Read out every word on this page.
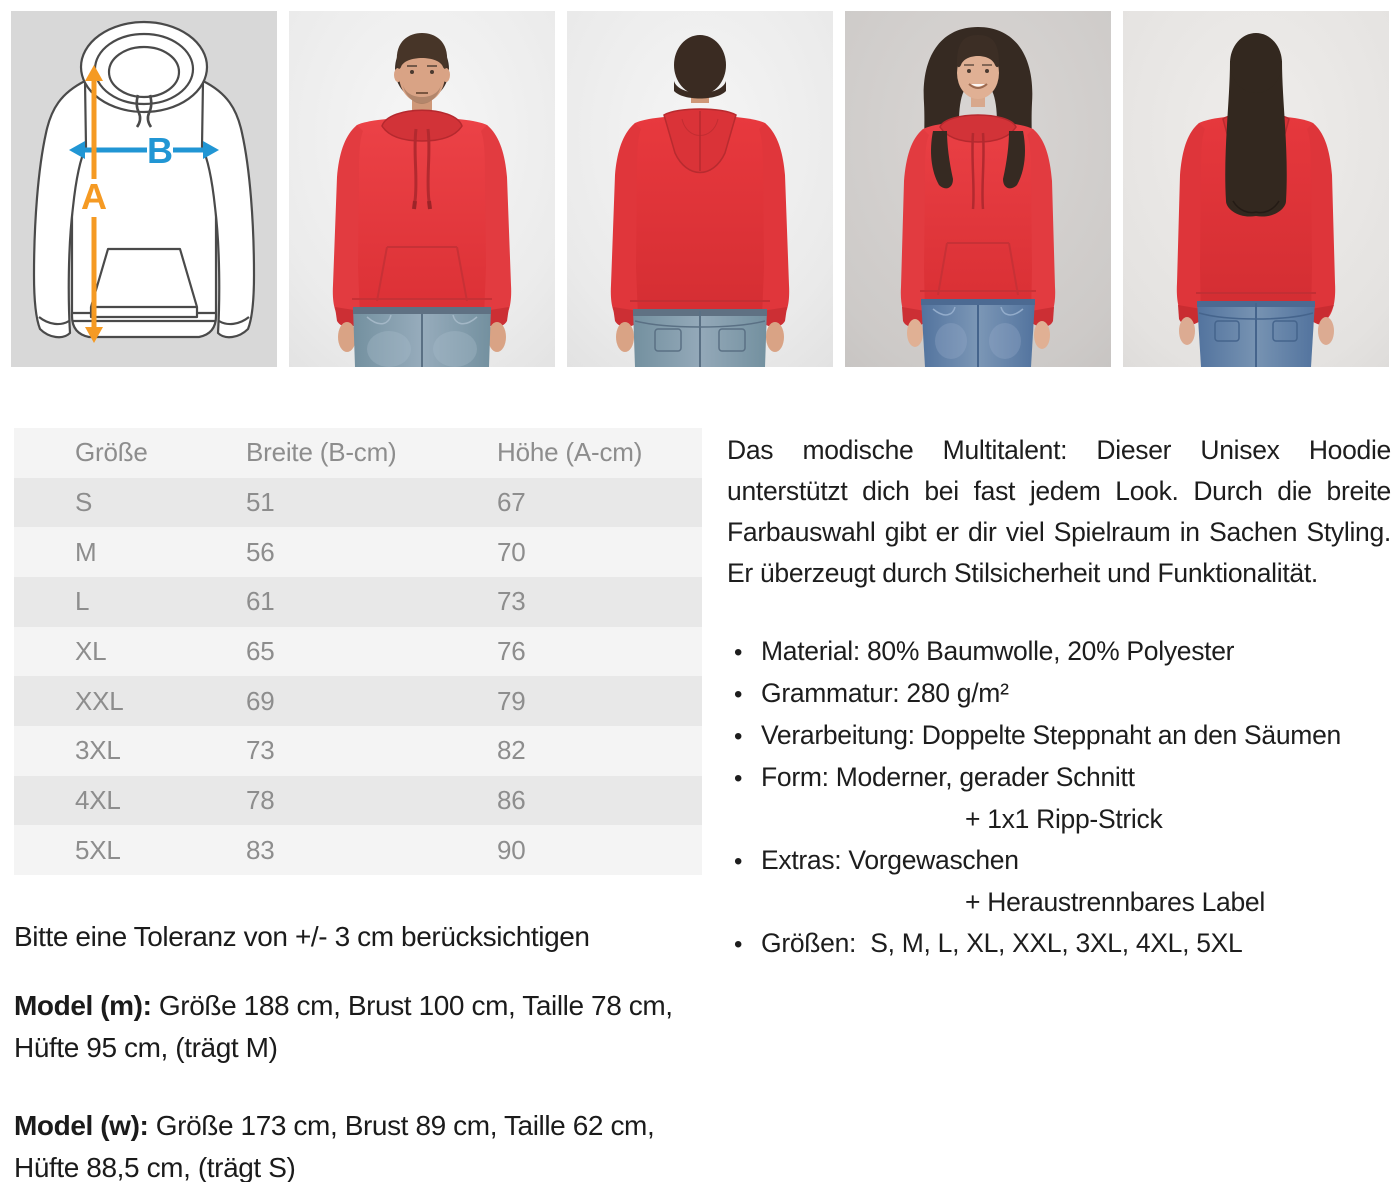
B
A
Größe	Breite (B-cm)	Höhe (A-cm)
S	51	67
M	56	70
L	61	73
XL	65	76
XXL	69	79
3XL	73	82
4XL	78	86
5XL	83	90

Das modische Multitalent: Dieser Unisex Hoodie unterstützt dich bei fast jedem Look. Durch die breite Farbauswahl gibt er dir viel Spielraum in Sachen Styling. Er überzeugt durch Stilsicherheit und Funktionalität.

•
Material: 80% Baumwolle, 20% Polyester
•
Grammatur: 280 g/m²
•
Verarbeitung: Doppelte Steppnaht an den Säumen
•
Form: Moderner, gerader Schnitt
+ 1x1 Ripp-Strick
•
Extras: Vorgewaschen
+ Heraustrennbares Label
•
Größen:  S, M, L, XL, XXL, 3XL, 4XL, 5XL
Bitte eine Toleranz von +/- 3 cm berücksichtigen
Model (m): Größe 188 cm, Brust 100 cm, Taille 78 cm,
Hüfte 95 cm, (trägt M)
Model (w): Größe 173 cm, Brust 89 cm, Taille 62 cm,
Hüfte 88,5 cm, (trägt S)
